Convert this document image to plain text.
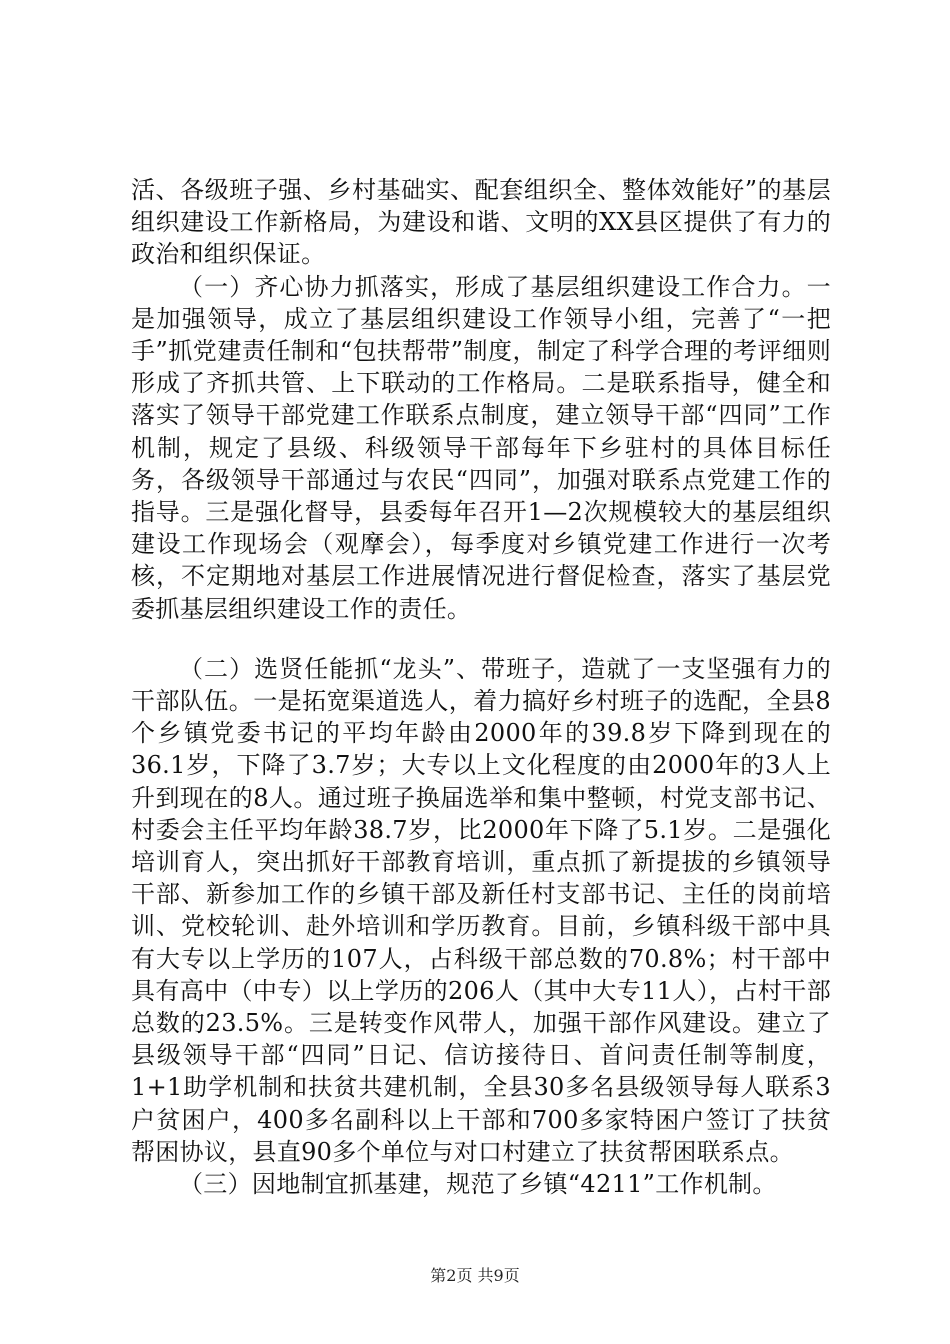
活、各级班子强、乡村基础实、配套组织全、整体效能好”的基层组织建设工作新格局，为建设和谐、文明的XX县区提供了有力的政治和组织保证。

（一）齐心协力抓落实，形成了基层组织建设工作合力。一是加强领导，成立了基层组织建设工作领导小组，完善了“一把手”抓党建责任制和“包扶帮带”制度，制定了科学合理的考评细则形成了齐抓共管、上下联动的工作格局。二是联系指导，健全和落实了领导干部党建工作联系点制度，建立领导干部“四同”工作机制，规定了县级、科级领导干部每年下乡驻村的具体目标任务，各级领导干部通过与农民“四同”，加强对联系点党建工作的指导。三是强化督导，县委每年召开1—2次规模较大的基层组织建设工作现场会（观摩会），每季度对乡镇党建工作进行一次考核，不定期地对基层工作进展情况进行督促检查，落实了基层党委抓基层组织建设工作的责任。

（二）选贤任能抓“龙头”、带班子，造就了一支坚强有力的干部队伍。一是拓宽渠道选人，着力搞好乡村班子的选配，全县8个乡镇党委书记的平均年龄由2000年的39.8岁下降到现在的36.1岁，下降了3.7岁；大专以上文化程度的由2000年的3人上升到现在的8人。通过班子换届选举和集中整顿，村党支部书记、村委会主任平均年龄38.7岁，比2000年下降了5.1岁。二是强化培训育人，突出抓好干部教育培训，重点抓了新提拔的乡镇领导干部、新参加工作的乡镇干部及新任村支部书记、主任的岗前培训、党校轮训、赴外培训和学历教育。目前，乡镇科级干部中具有大专以上学历的107人，占科级干部总数的70.8%；村干部中具有高中（中专）以上学历的206人（其中大专11人），占村干部总数的23.5%。三是转变作风带人，加强干部作风建设。建立了县级领导干部“四同”日记、信访接待日、首问责任制等制度，1+1助学机制和扶贫共建机制，全县30多名县级领导每人联系3户贫困户，400多名副科以上干部和700多家特困户签订了扶贫帮困协议，县直90多个单位与对口村建立了扶贫帮困联系点。

（三）因地制宜抓基建，规范了乡镇“4211”工作机制。

第2页 共9页
